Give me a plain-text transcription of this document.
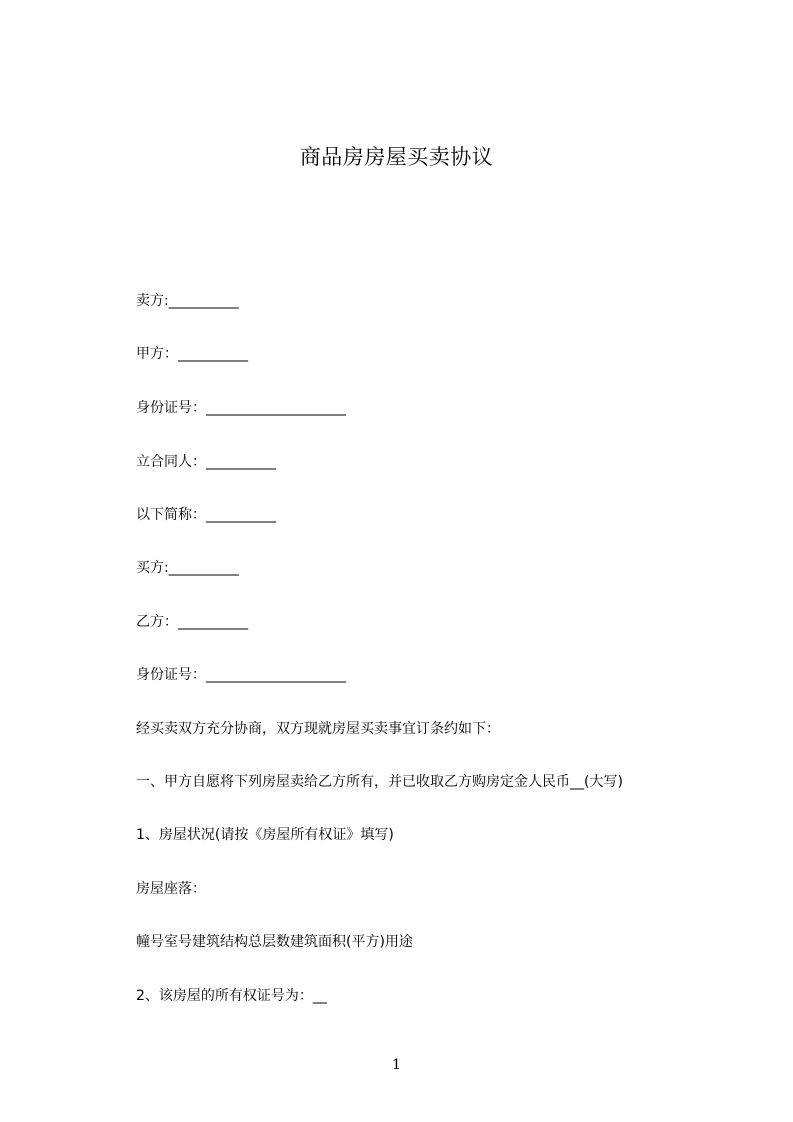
商品房房屋买卖协议

卖方:__________

甲方：__________

身份证号：____________________

立合同人：__________

以下简称：__________

买方:__________

乙方：__________

身份证号：____________________

经买卖双方充分协商，双方现就房屋买卖事宜订条约如下：

一、甲方自愿将下列房屋卖给乙方所有，并已收取乙方购房定金人民币__(大写)

1、房屋状况(请按《房屋所有权证》填写)

房屋座落：

幢号室号建筑结构总层数建筑面积(平方)用途

2、该房屋的所有权证号为：__

1
